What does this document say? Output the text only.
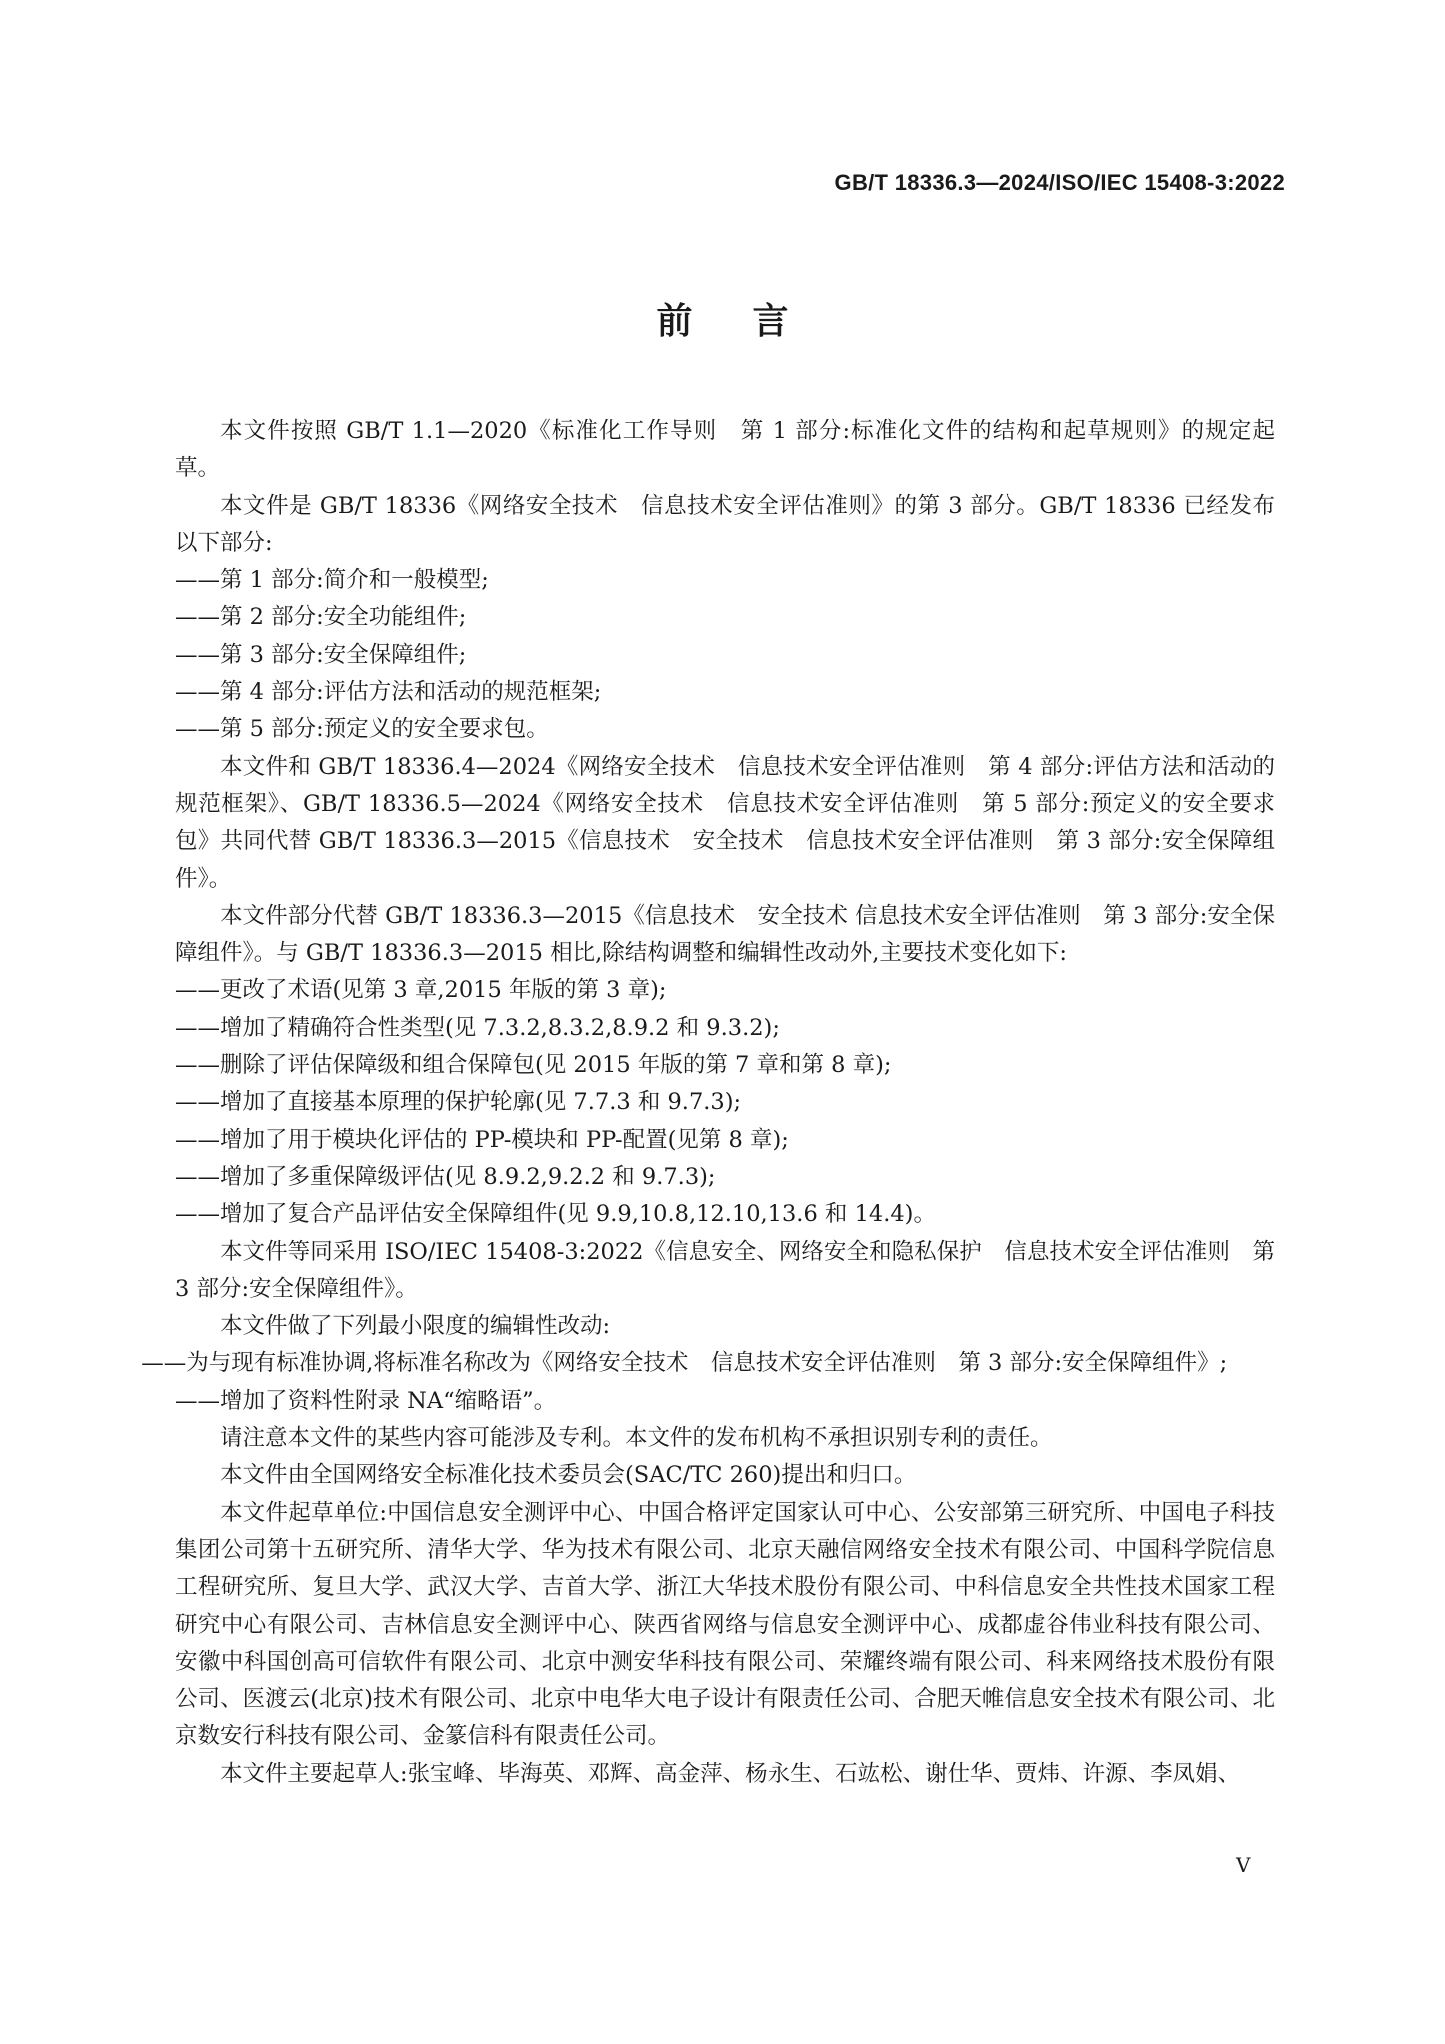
GB/T 18336.3—2024/ISO/IEC 15408-3:2022
前言

本文件按照 GB/T 1.1—2020《标准化工作导则　第 1 部分:标准化文件的结构和起草规则》的规定起草。

本文件是 GB/T 18336《网络安全技术　信息技术安全评估准则》的第 3 部分。GB/T 18336 已经发布以下部分:

——第 1 部分:简介和一般模型;

——第 2 部分:安全功能组件;

——第 3 部分:安全保障组件;

——第 4 部分:评估方法和活动的规范框架;

——第 5 部分:预定义的安全要求包。

本文件和 GB/T 18336.4—2024《网络安全技术　信息技术安全评估准则　第 4 部分:评估方法和活动的规范框架》、GB/T 18336.5—2024《网络安全技术　信息技术安全评估准则　第 5 部分:预定义的安全要求包》共同代替 GB/T 18336.3—2015《信息技术　安全技术　信息技术安全评估准则　第 3 部分:安全保障组件》。

本文件部分代替 GB/T 18336.3—2015《信息技术　安全技术 信息技术安全评估准则　第 3 部分:安全保障组件》。与 GB/T 18336.3—2015 相比,除结构调整和编辑性改动外,主要技术变化如下:

——更改了术语(见第 3 章,2015 年版的第 3 章);

——增加了精确符合性类型(见 7.3.2,8.3.2,8.9.2 和 9.3.2);

——删除了评估保障级和组合保障包(见 2015 年版的第 7 章和第 8 章);

——增加了直接基本原理的保护轮廓(见 7.7.3 和 9.7.3);

——增加了用于模块化评估的 PP-模块和 PP-配置(见第 8 章);

——增加了多重保障级评估(见 8.9.2,9.2.2 和 9.7.3);

——增加了复合产品评估安全保障组件(见 9.9,10.8,12.10,13.6 和 14.4)。

本文件等同采用 ISO/IEC 15408-3:2022《信息安全、网络安全和隐私保护　信息技术安全评估准则　第 3 部分:安全保障组件》。

本文件做了下列最小限度的编辑性改动:

——为与现有标准协调,将标准名称改为《网络安全技术　信息技术安全评估准则　第 3 部分:安全保障组件》;

——增加了资料性附录 NA“缩略语”。

请注意本文件的某些内容可能涉及专利。本文件的发布机构不承担识别专利的责任。

本文件由全国网络安全标准化技术委员会(SAC/TC 260)提出和归口。

本文件起草单位:中国信息安全测评中心、中国合格评定国家认可中心、公安部第三研究所、中国电子科技集团公司第十五研究所、清华大学、华为技术有限公司、北京天融信网络安全技术有限公司、中国科学院信息工程研究所、复旦大学、武汉大学、吉首大学、浙江大华技术股份有限公司、中科信息安全共性技术国家工程研究中心有限公司、吉林信息安全测评中心、陕西省网络与信息安全测评中心、成都虚谷伟业科技有限公司、安徽中科国创高可信软件有限公司、北京中测安华科技有限公司、荣耀终端有限公司、科来网络技术股份有限公司、医渡云(北京)技术有限公司、北京中电华大电子设计有限责任公司、合肥天帷信息安全技术有限公司、北京数安行科技有限公司、金篆信科有限责任公司。

本文件主要起草人:张宝峰、毕海英、邓辉、高金萍、杨永生、石竑松、谢仕华、贾炜、许源、李凤娟、

V
